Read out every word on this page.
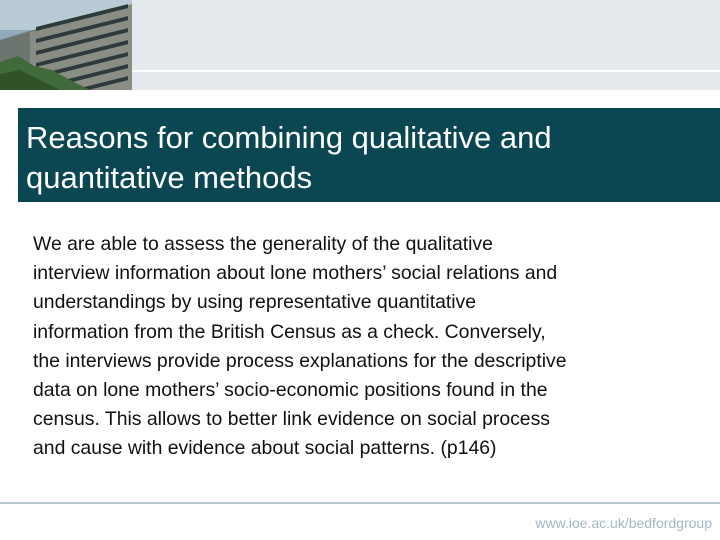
Reasons for combining qualitative and quantitative methods

We are able to assess the generality of the qualitative
interview information about lone mothers’ social relations and
understandings by using representative quantitative
information from the British Census as a check. Conversely,
the interviews provide process explanations for the descriptive
data on lone mothers’ socio-economic positions found in the
census. This allows to better link evidence on social process
and cause with evidence about social patterns. (p146)

www.ioe.ac.uk/bedfordgroup
